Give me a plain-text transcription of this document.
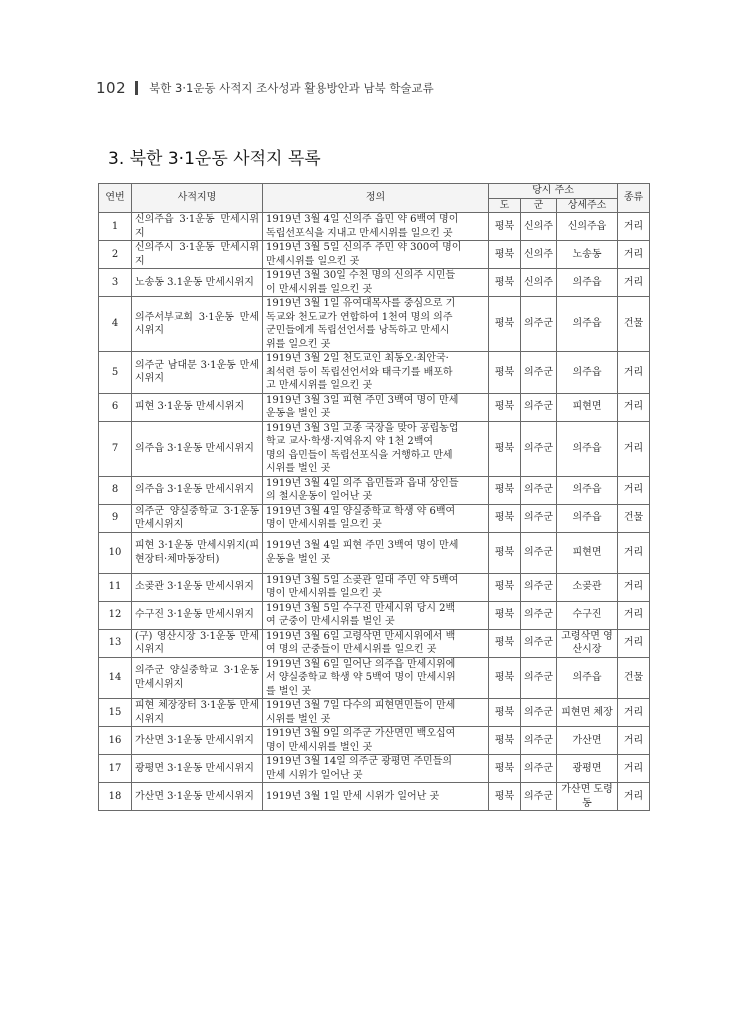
102 북한 3·1운동 사적지 조사성과 활용방안과 남북 학술교류
3. 북한 3·1운동 사적지 목록
연번	사적지명	정의	당시 주소			종류
			도	군	상세주소	
1	신의주읍 3·1운동 만세시위지	1919년 3월 4일 신의주 읍민 약 6백여 명이
독립선포식을 지내고 만세시위를 일으킨 곳	평북	신의주	신의주읍	거리
2	신의주시 3·1운동 만세시위지	1919년 3월 5일 신의주 주민 약 300여 명이
만세시위를 일으킨 곳	평북	신의주	노송동	거리
3	노송동 3.1운동 만세시위지	1919년 3월 30일 수천 명의 신의주 시민들
이 만세시위를 일으킨 곳	평북	신의주	의주읍	거리
4	의주서부교회 3·1운동 만세시위지	1919년 3월 1일 유여대목사를 중심으로 기
독교와 천도교가 연합하여 1천여 명의 의주
군민들에게 독립선언서를 낭독하고 만세시
위를 일으킨 곳	평북	의주군	의주읍	건물
5	의주군 남대문 3·1운동 만세시위지	1919년 3월 2일 천도교인 최동오·최안국·
최석련 등이 독립선언서와 태극기를 배포하
고 만세시위를 일으킨 곳	평북	의주군	의주읍	거리
6	피현 3·1운동 만세시위지	1919년 3월 3일 피현 주민 3백여 명이 만세
운동을 벌인 곳	평북	의주군	피현면	거리
7	의주읍 3·1운동 만세시위지	1919년 3월 3일 고종 국장을 맞아 공립농업
학교 교사·학생·지역유지 약 1천 2백여
명의 읍민들이 독립선포식을 거행하고 만세
시위를 벌인 곳	평북	의주군	의주읍	거리
8	의주읍 3·1운동 만세시위지	1919년 3월 4일 의주 읍민들과 읍내 상인들
의 철시운동이 일어난 곳	평북	의주군	의주읍	거리
9	의주군 양실중학교 3·1운동 만세시위지	1919년 3월 4일 양실중학교 학생 약 6백여
명이 만세시위를 일으킨 곳	평북	의주군	의주읍	건물
10	피현 3·1운동 만세시위지(피현장터·체마동장터)	1919년 3월 4일 피현 주민 3백여 명이 만세
운동을 벌인 곳	평북	의주군	피현면	거리
11	소곶관 3·1운동 만세시위지	1919년 3월 5일 소곶관 일대 주민 약 5백여
명이 만세시위를 일으킨 곳	평북	의주군	소곶관	거리
12	수구진 3·1운동 만세시위지	1919년 3월 5일 수구진 만세시위 당시 2백
여 군중이 만세시위를 벌인 곳	평북	의주군	수구진	거리
13	(구) 영산시장 3·1운동 만세시위지	1919년 3월 6일 고령삭면 만세시위에서 백
여 명의 군중들이 만세시위를 일으킨 곳	평북	의주군	고령삭면 영산시장	거리
14	의주군 양실중학교 3·1운동 만세시위지	1919년 3월 6일 일어난 의주읍 만세시위에
서 양실중학교 학생 약 5백여 명이 만세시위
를 벌인 곳	평북	의주군	의주읍	건물
15	피현 체장장터 3·1운동 만세시위지	1919년 3월 7일 다수의 피현면민들이 만세
시위를 벌인 곳	평북	의주군	피현면 체장	거리
16	가산면 3·1운동 만세시위지	1919년 3월 9일 의주군 가산면민 백오십여
명이 만세시위를 벌인 곳	평북	의주군	가산면	거리
17	광평면 3·1운동 만세시위지	1919년 3월 14일 의주군 광평면 주민들의
만세 시위가 일어난 곳	평북	의주군	광평면	거리
18	가산면 3·1운동 만세시위지	1919년 3월 1일 만세 시위가 일어난 곳	평북	의주군	가산면 도령동	거리
